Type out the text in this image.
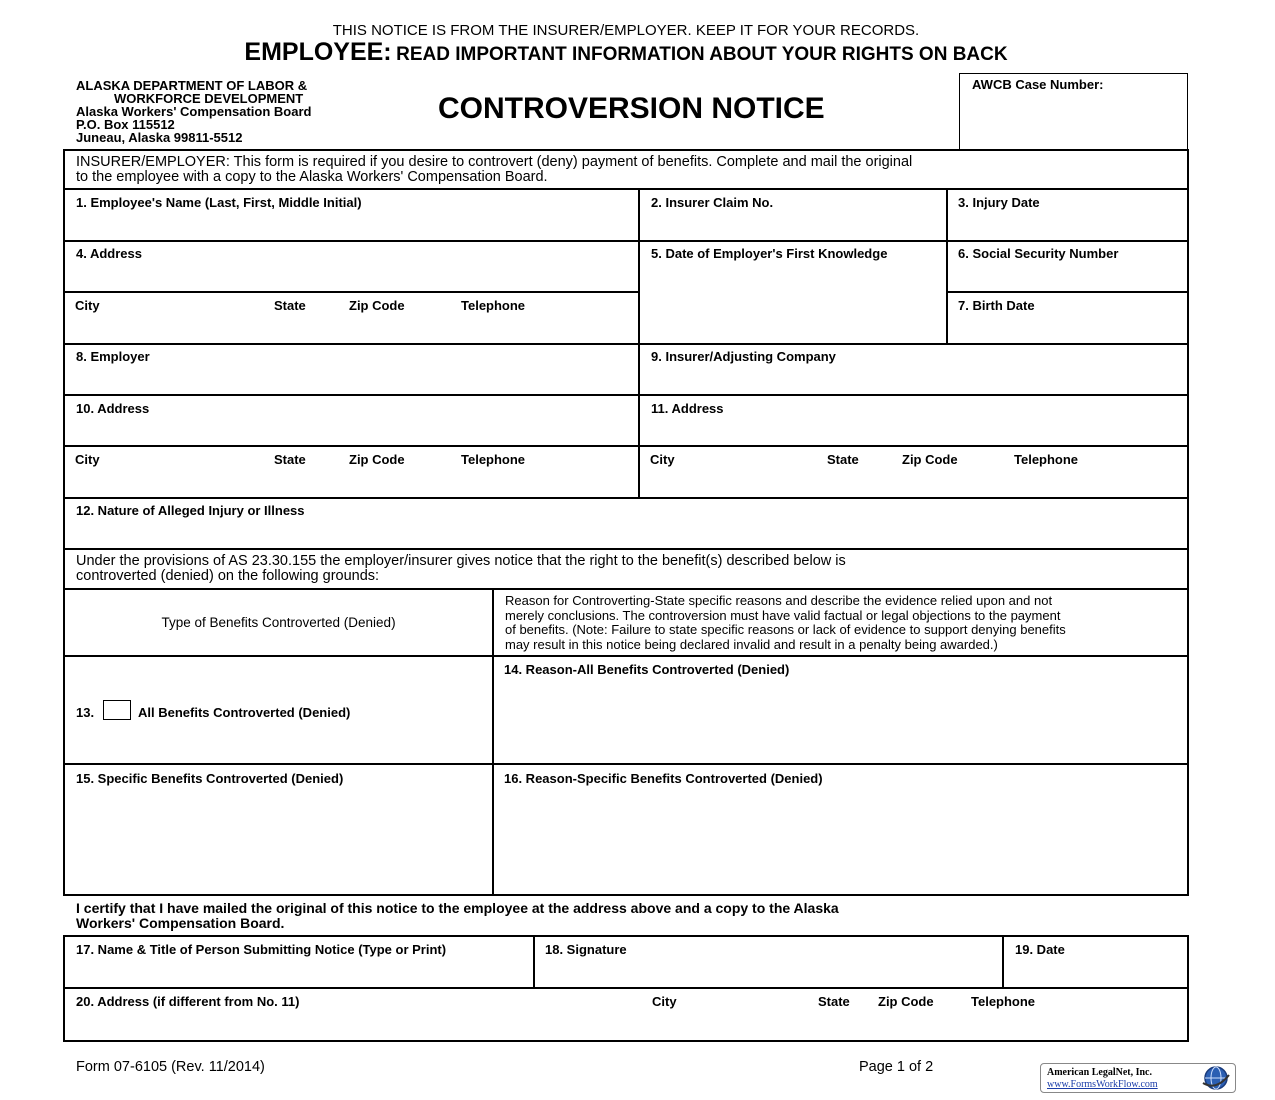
THIS NOTICE IS FROM THE INSURER/EMPLOYER. KEEP IT FOR YOUR RECORDS.
EMPLOYEE: READ IMPORTANT INFORMATION ABOUT YOUR RIGHTS ON BACK
ALASKA DEPARTMENT OF LABOR &
WORKFORCE DEVELOPMENT
Alaska Workers' Compensation Board
P.O. Box 115512
Juneau, Alaska 99811-5512
CONTROVERSION NOTICE
AWCB Case Number:
INSURER/EMPLOYER: This form is required if you desire to controvert (deny) payment of benefits. Complete and mail the original
to the employee with a copy to the Alaska Workers' Compensation Board.
1. Employee's Name (Last, First, Middle Initial)	2. Insurer Claim No.	3. Injury Date
4. Address	5. Date of Employer's First Knowledge	6. Social Security Number
City	State	Zip Code	Telephone	7. Birth Date
8. Employer	9. Insurer/Adjusting Company
10. Address	11. Address
City	State	Zip Code	Telephone	City	State	Zip Code	Telephone
12. Nature of Alleged Injury or Illness
Under the provisions of AS 23.30.155 the employer/insurer gives notice that the right to the benefit(s) described below is
controverted (denied) on the following grounds:
Type of Benefits Controverted (Denied)
Reason for Controverting-State specific reasons and describe the evidence relied upon and not
merely conclusions. The controversion must have valid factual or legal objections to the payment
of benefits. (Note: Failure to state specific reasons or lack of evidence to support denying benefits
may result in this notice being declared invalid and result in a penalty being awarded.)
13.	All Benefits Controverted (Denied)
14. Reason-All Benefits Controverted (Denied)
15. Specific Benefits Controverted (Denied)	16. Reason-Specific Benefits Controverted (Denied)
I certify that I have mailed the original of this notice to the employee at the address above and a copy to the Alaska
Workers' Compensation Board.
17. Name & Title of Person Submitting Notice (Type or Print)	18. Signature	19. Date
20. Address (if different from No. 11)	City	State Zip Code	Telephone
Form 07-6105 (Rev. 11/2014)	Page 1 of 2	American LegalNet, Inc.
www.FormsWorkFlow.com
